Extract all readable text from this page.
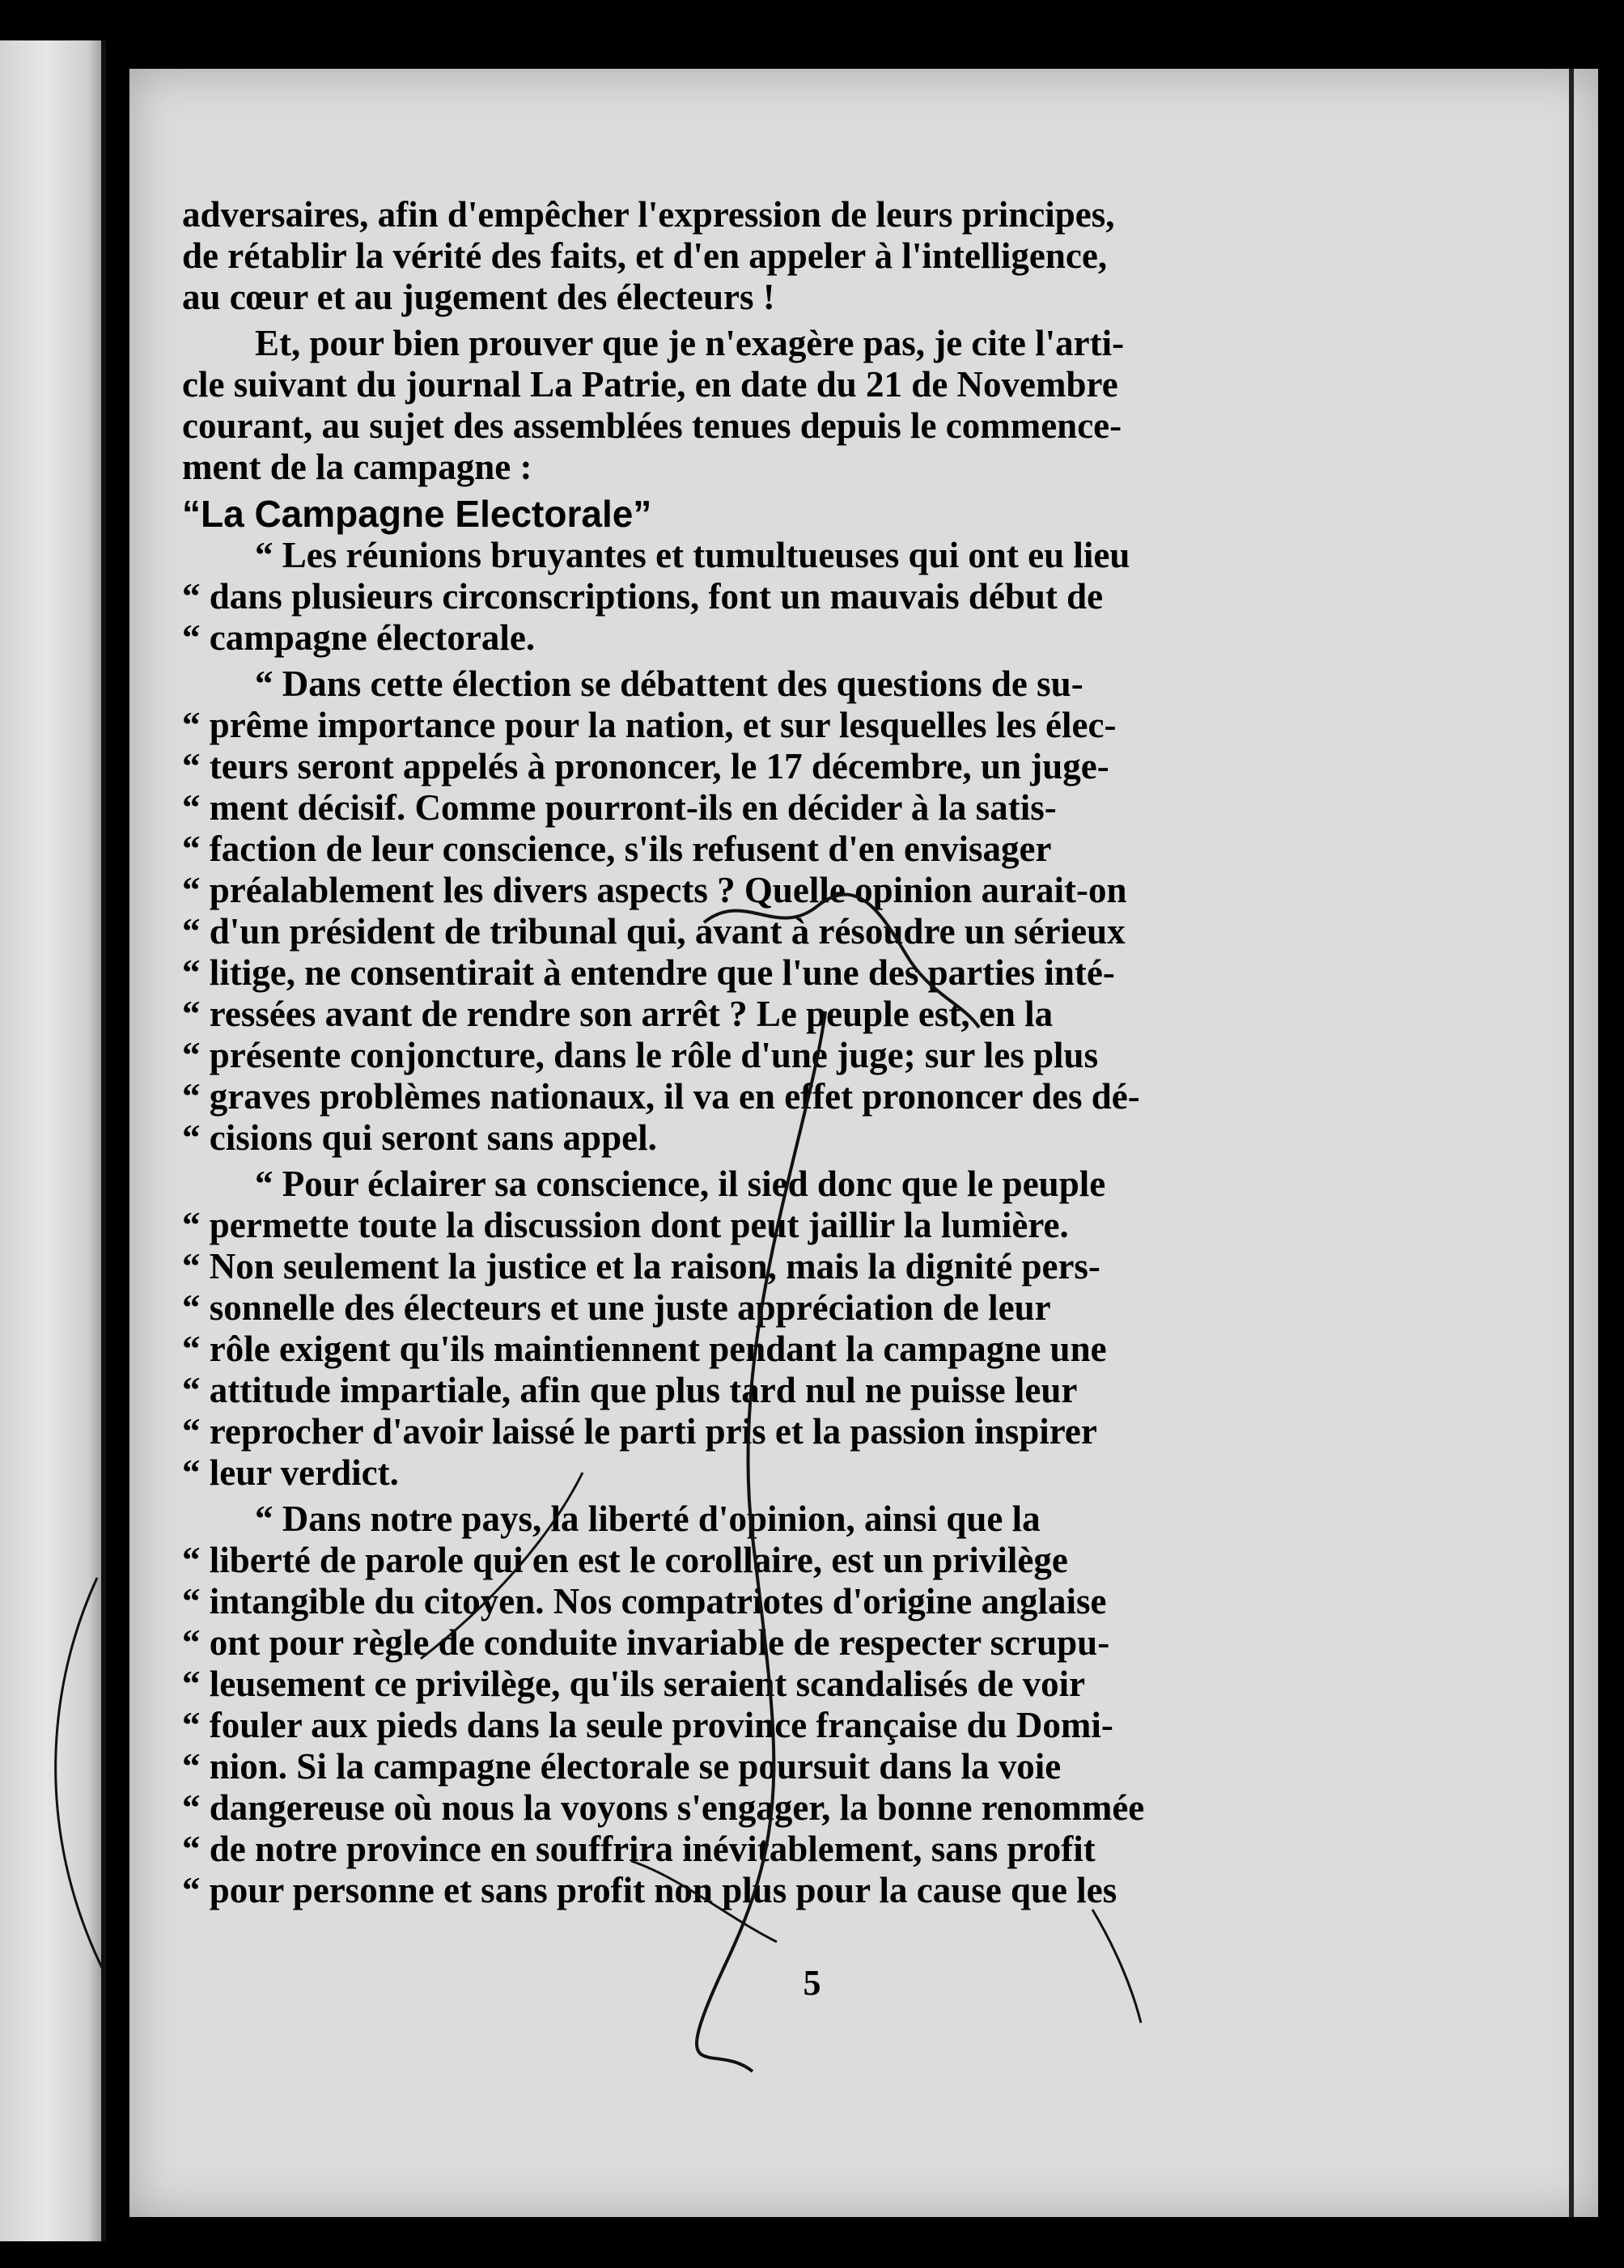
adversaires, afin d'empêcher l'expression de leurs principes,
de rétablir la vérité des faits, et d'en appeler à l'intelligence,
au cœur et au jugement des électeurs !
Et, pour bien prouver que je n'exagère pas, je cite l'arti-
cle suivant du journal La Patrie, en date du 21 de Novembre
courant, au sujet des assemblées tenues depuis le commence-
ment de la campagne :
“La Campagne Electorale”
“ Les réunions bruyantes et tumultueuses qui ont eu lieu
“ dans plusieurs circonscriptions, font un mauvais début de
“ campagne électorale.
“ Dans cette élection se débattent des questions de su-
“ prême importance pour la nation, et sur lesquelles les élec-
“ teurs seront appelés à prononcer, le 17 décembre, un juge-
“ ment décisif. Comme pourront-ils en décider à la satis-
“ faction de leur conscience, s'ils refusent d'en envisager
“ préalablement les divers aspects ? Quelle opinion aurait-on
“ d'un président de tribunal qui, avant à résoudre un sérieux
“ litige, ne consentirait à entendre que l'une des parties inté-
“ ressées avant de rendre son arrêt ? Le peuple est, en la
“ présente conjoncture, dans le rôle d'une juge; sur les plus
“ graves problèmes nationaux, il va en effet prononcer des dé-
“ cisions qui seront sans appel.
“ Pour éclairer sa conscience, il sied donc que le peuple
“ permette toute la discussion dont peut jaillir la lumière.
“ Non seulement la justice et la raison, mais la dignité pers-
“ sonnelle des électeurs et une juste appréciation de leur
“ rôle exigent qu'ils maintiennent pendant la campagne une
“ attitude impartiale, afin que plus tard nul ne puisse leur
“ reprocher d'avoir laissé le parti pris et la passion inspirer
“ leur verdict.
“ Dans notre pays, la liberté d'opinion, ainsi que la
“ liberté de parole qui en est le corollaire, est un privilège
“ intangible du citoyen. Nos compatriotes d'origine anglaise
“ ont pour règle de conduite invariable de respecter scrupu-
“ leusement ce privilège, qu'ils seraient scandalisés de voir
“ fouler aux pieds dans la seule province française du Domi-
“ nion. Si la campagne électorale se poursuit dans la voie
“ dangereuse où nous la voyons s'engager, la bonne renommée
“ de notre province en souffrira inévitablement, sans profit
“ pour personne et sans profit non plus pour la cause que les
5
